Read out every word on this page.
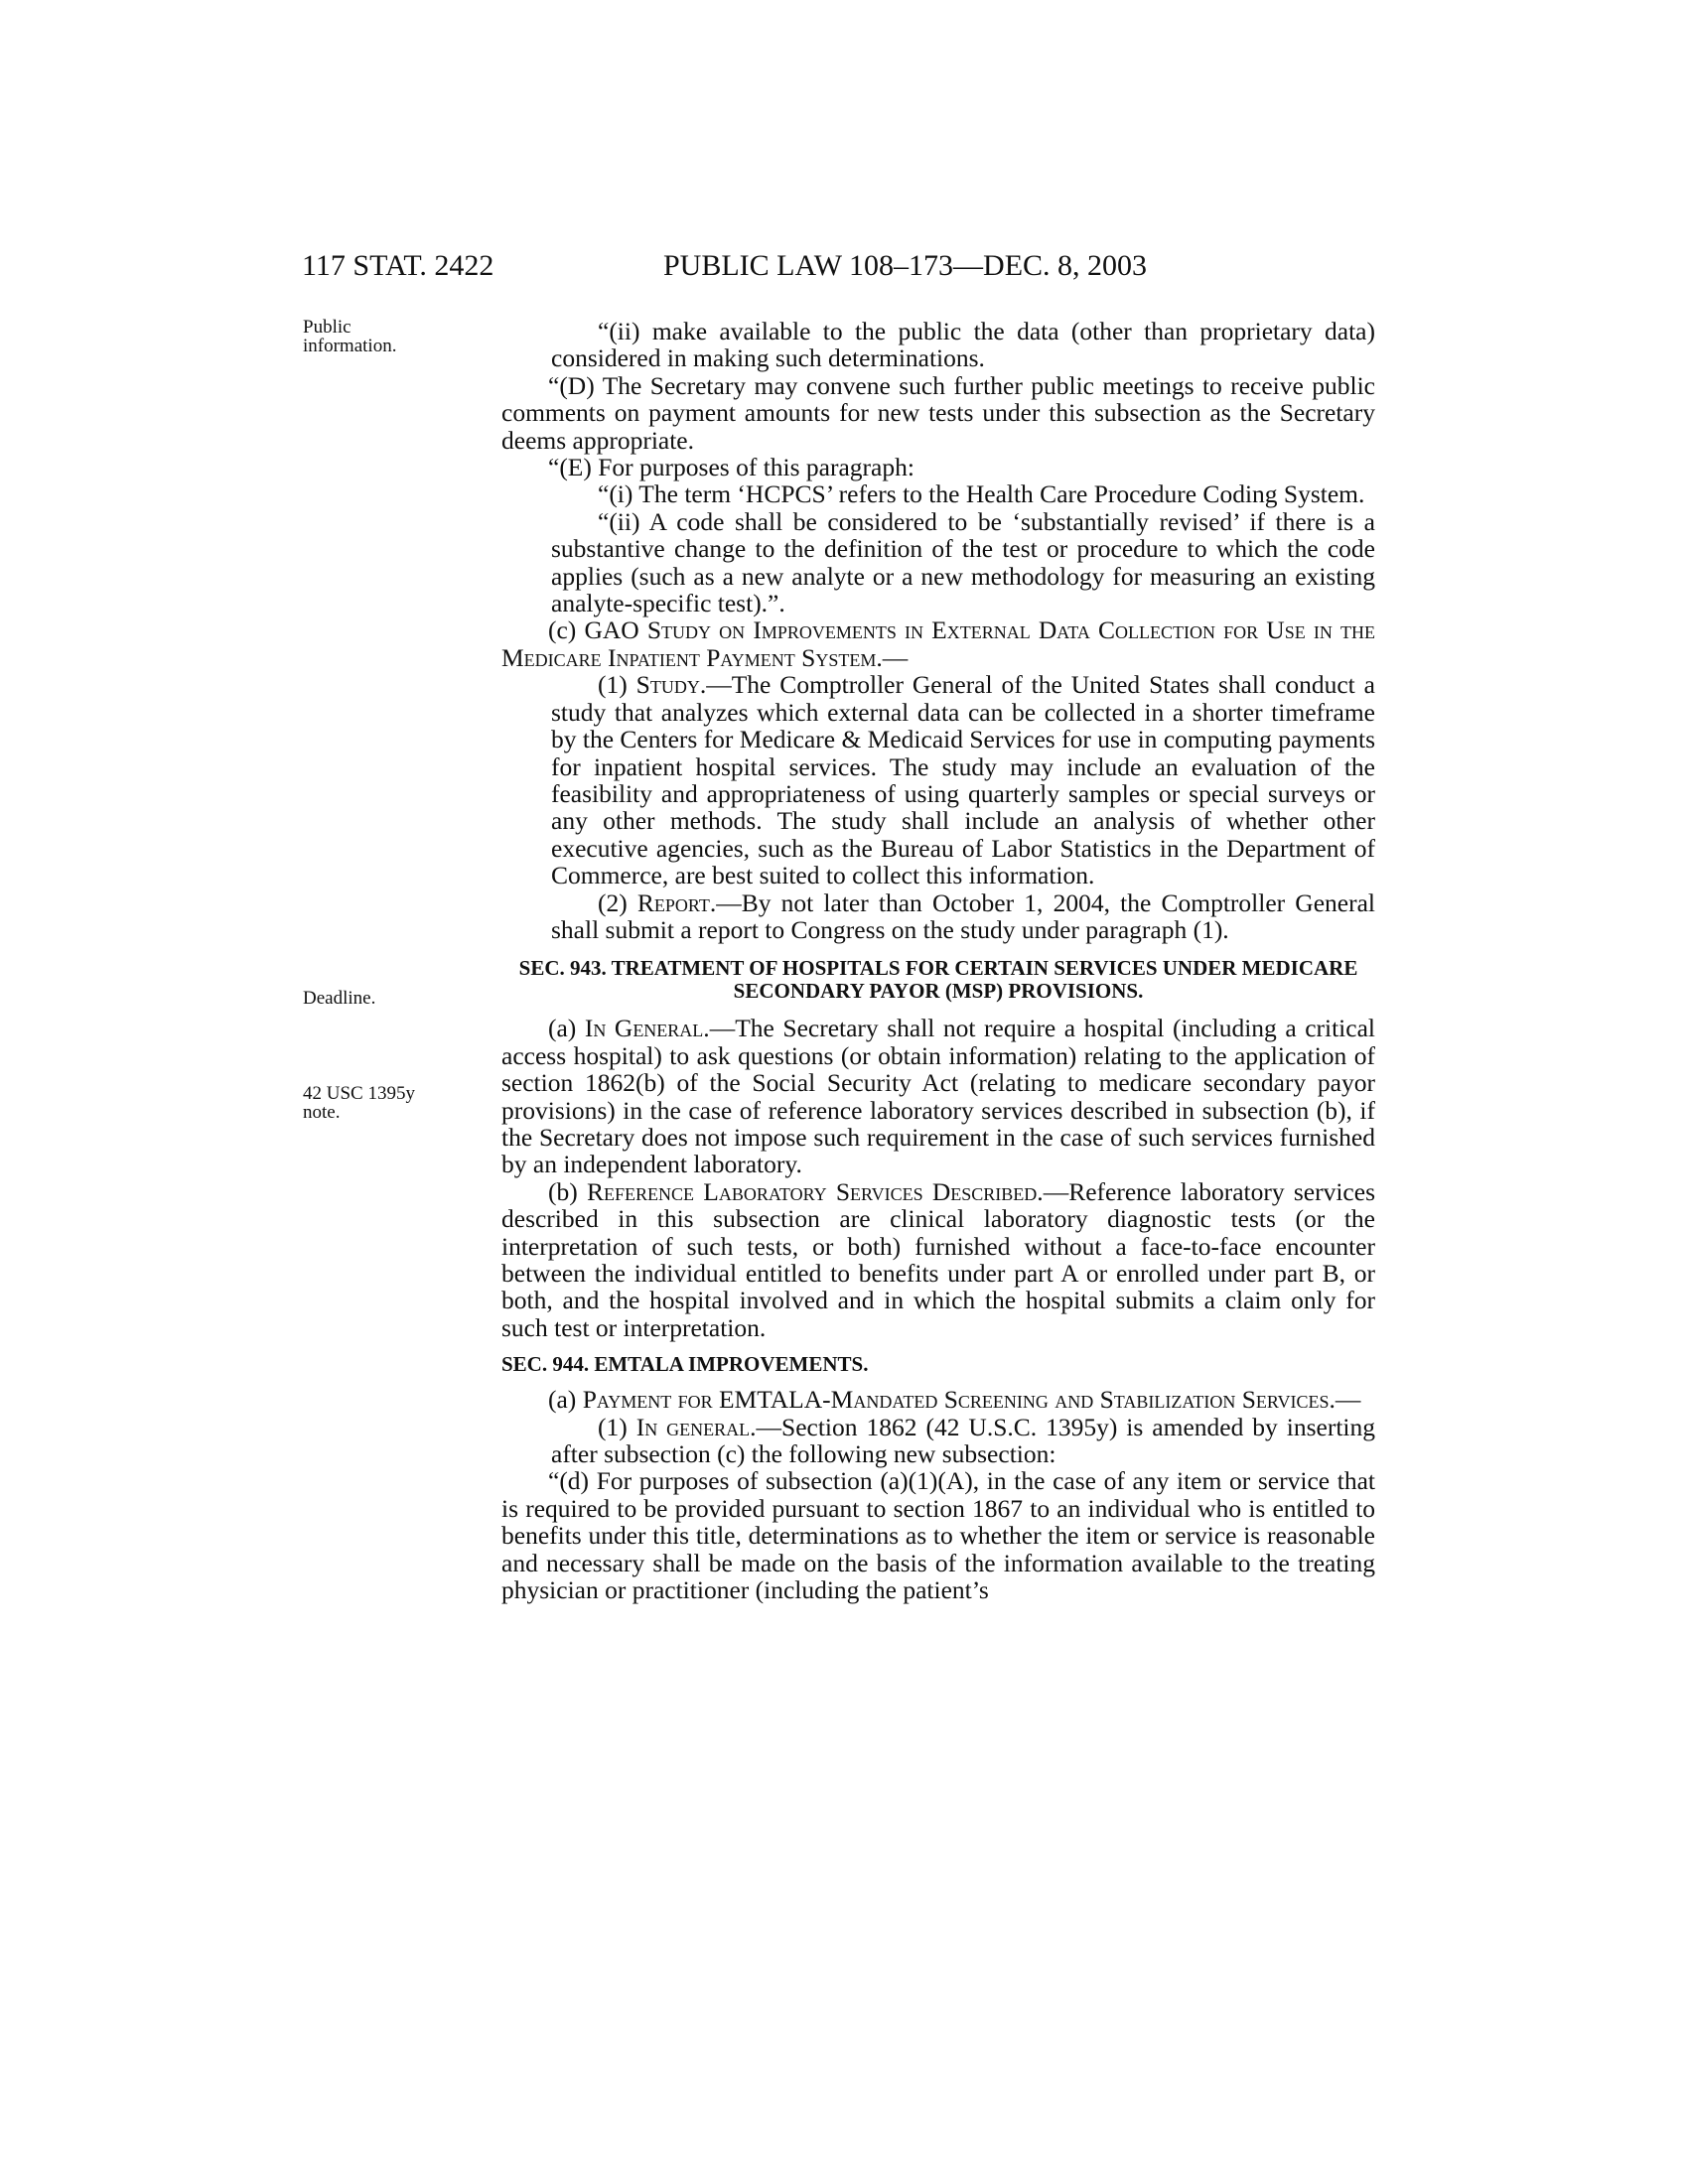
117 STAT. 2422	PUBLIC LAW 108–173—DEC. 8, 2003
Public
information.
Deadline.
42 USC 1395y
note.

“(ii) make available to the public the data (other than proprietary data) considered in making such determinations.

“(D) The Secretary may convene such further public meetings to receive public comments on payment amounts for new tests under this subsection as the Secretary deems appropriate.

“(E) For purposes of this paragraph:

“(i) The term ‘HCPCS’ refers to the Health Care Procedure Coding System.

“(ii) A code shall be considered to be ‘substantially revised’ if there is a substantive change to the definition of the test or procedure to which the code applies (such as a new analyte or a new methodology for measuring an existing analyte-specific test).”.

(c) GAO Study on Improvements in External Data Collection for Use in the Medicare Inpatient Payment System.—

(1) Study.—The Comptroller General of the United States shall conduct a study that analyzes which external data can be collected in a shorter timeframe by the Centers for Medicare & Medicaid Services for use in computing payments for inpatient hospital services. The study may include an evaluation of the feasibility and appropriateness of using quarterly samples or special surveys or any other methods. The study shall include an analysis of whether other executive agencies, such as the Bureau of Labor Statistics in the Department of Commerce, are best suited to collect this information.

(2) Report.—By not later than October 1, 2004, the Comptroller General shall submit a report to Congress on the study under paragraph (1).

SEC. 943. TREATMENT OF HOSPITALS FOR CERTAIN SERVICES UNDER MEDICARE SECONDARY PAYOR (MSP) PROVISIONS.

(a) In General.—The Secretary shall not require a hospital (including a critical access hospital) to ask questions (or obtain information) relating to the application of section 1862(b) of the Social Security Act (relating to medicare secondary payor provisions) in the case of reference laboratory services described in subsection (b), if the Secretary does not impose such requirement in the case of such services furnished by an independent laboratory.

(b) Reference Laboratory Services Described.—Reference laboratory services described in this subsection are clinical laboratory diagnostic tests (or the interpretation of such tests, or both) furnished without a face-to-face encounter between the individual entitled to benefits under part A or enrolled under part B, or both, and the hospital involved and in which the hospital submits a claim only for such test or interpretation.

SEC. 944. EMTALA IMPROVEMENTS.

(a) Payment for EMTALA-Mandated Screening and Stabilization Services.—

(1) In general.—Section 1862 (42 U.S.C. 1395y) is amended by inserting after subsection (c) the following new subsection:

“(d) For purposes of subsection (a)(1)(A), in the case of any item or service that is required to be provided pursuant to section 1867 to an individual who is entitled to benefits under this title, determinations as to whether the item or service is reasonable and necessary shall be made on the basis of the information available to the treating physician or practitioner (including the patient’s
